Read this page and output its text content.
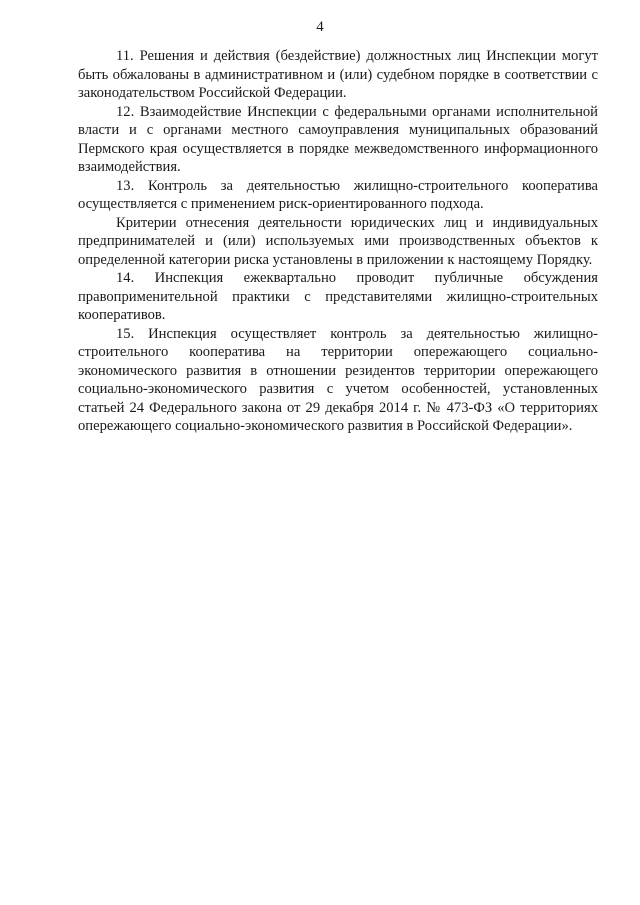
4

11. Решения и действия (бездействие) должностных лиц Инспекции могут быть обжалованы в административном и (или) судебном порядке в соответствии с законодательством Российской Федерации.

12. Взаимодействие Инспекции с федеральными органами исполнительной власти и с органами местного самоуправления муниципальных образований Пермского края осуществляется в порядке межведомственного информационного взаимодействия.

13. Контроль за деятельностью жилищно-строительного кооператива осуществляется с применением риск-ориентированного подхода.

Критерии отнесения деятельности юридических лиц и индивидуальных предпринимателей и (или) используемых ими производственных объектов к определенной категории риска установлены в приложении к настоящему Порядку.

14. Инспекция ежеквартально проводит публичные обсуждения правоприменительной практики с представителями жилищно-строительных кооперативов.

15. Инспекция осуществляет контроль за деятельностью жилищно-строительного кооператива на территории опережающего социально-экономического развития в отношении резидентов территории опережающего социально-экономического развития с учетом особенностей, установленных статьей 24 Федерального закона от 29 декабря 2014 г. № 473-ФЗ «О территориях опережающего социально-экономического развития в Российской Федерации».
